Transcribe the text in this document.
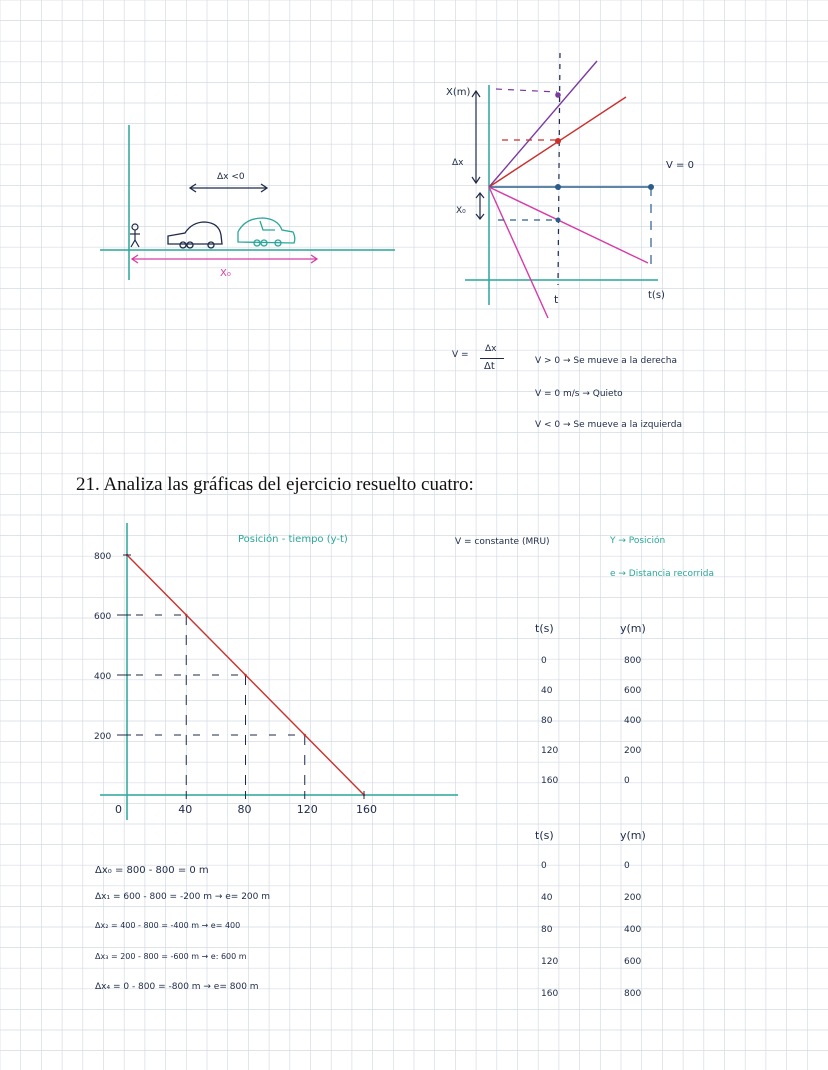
Δx <0
X₀
X(m)
Δx
X₀
t	t(s)
V = 0
V =
Δx
Δt	V > 0 → Se mueve a la derecha
V = 0 m/s → Quieto
V < 0 → Se mueve a la izquierda
21. Analiza las gráficas del ejercicio resuelto cuatro:
Posición - tiempo (y-t)	V = constante (MRU)	Y → Posición
e → Distancia recorrida
800
600
400
200
0	40	80	120	160
t(s)	y(m)
0	800
40	600
80	400
120	200
160	0
t(s)	y(m)
0	0
40	200
80	400
120	600
160	800
Δx₀ = 800 - 800 = 0 m
Δx₁ = 600 - 800 = -200 m → e= 200 m
Δx₂ = 400 - 800 = -400 m → e= 400
Δx₃ = 200 - 800 = -600 m → e: 600 m
Δx₄ = 0 - 800 = -800 m → e= 800 m
